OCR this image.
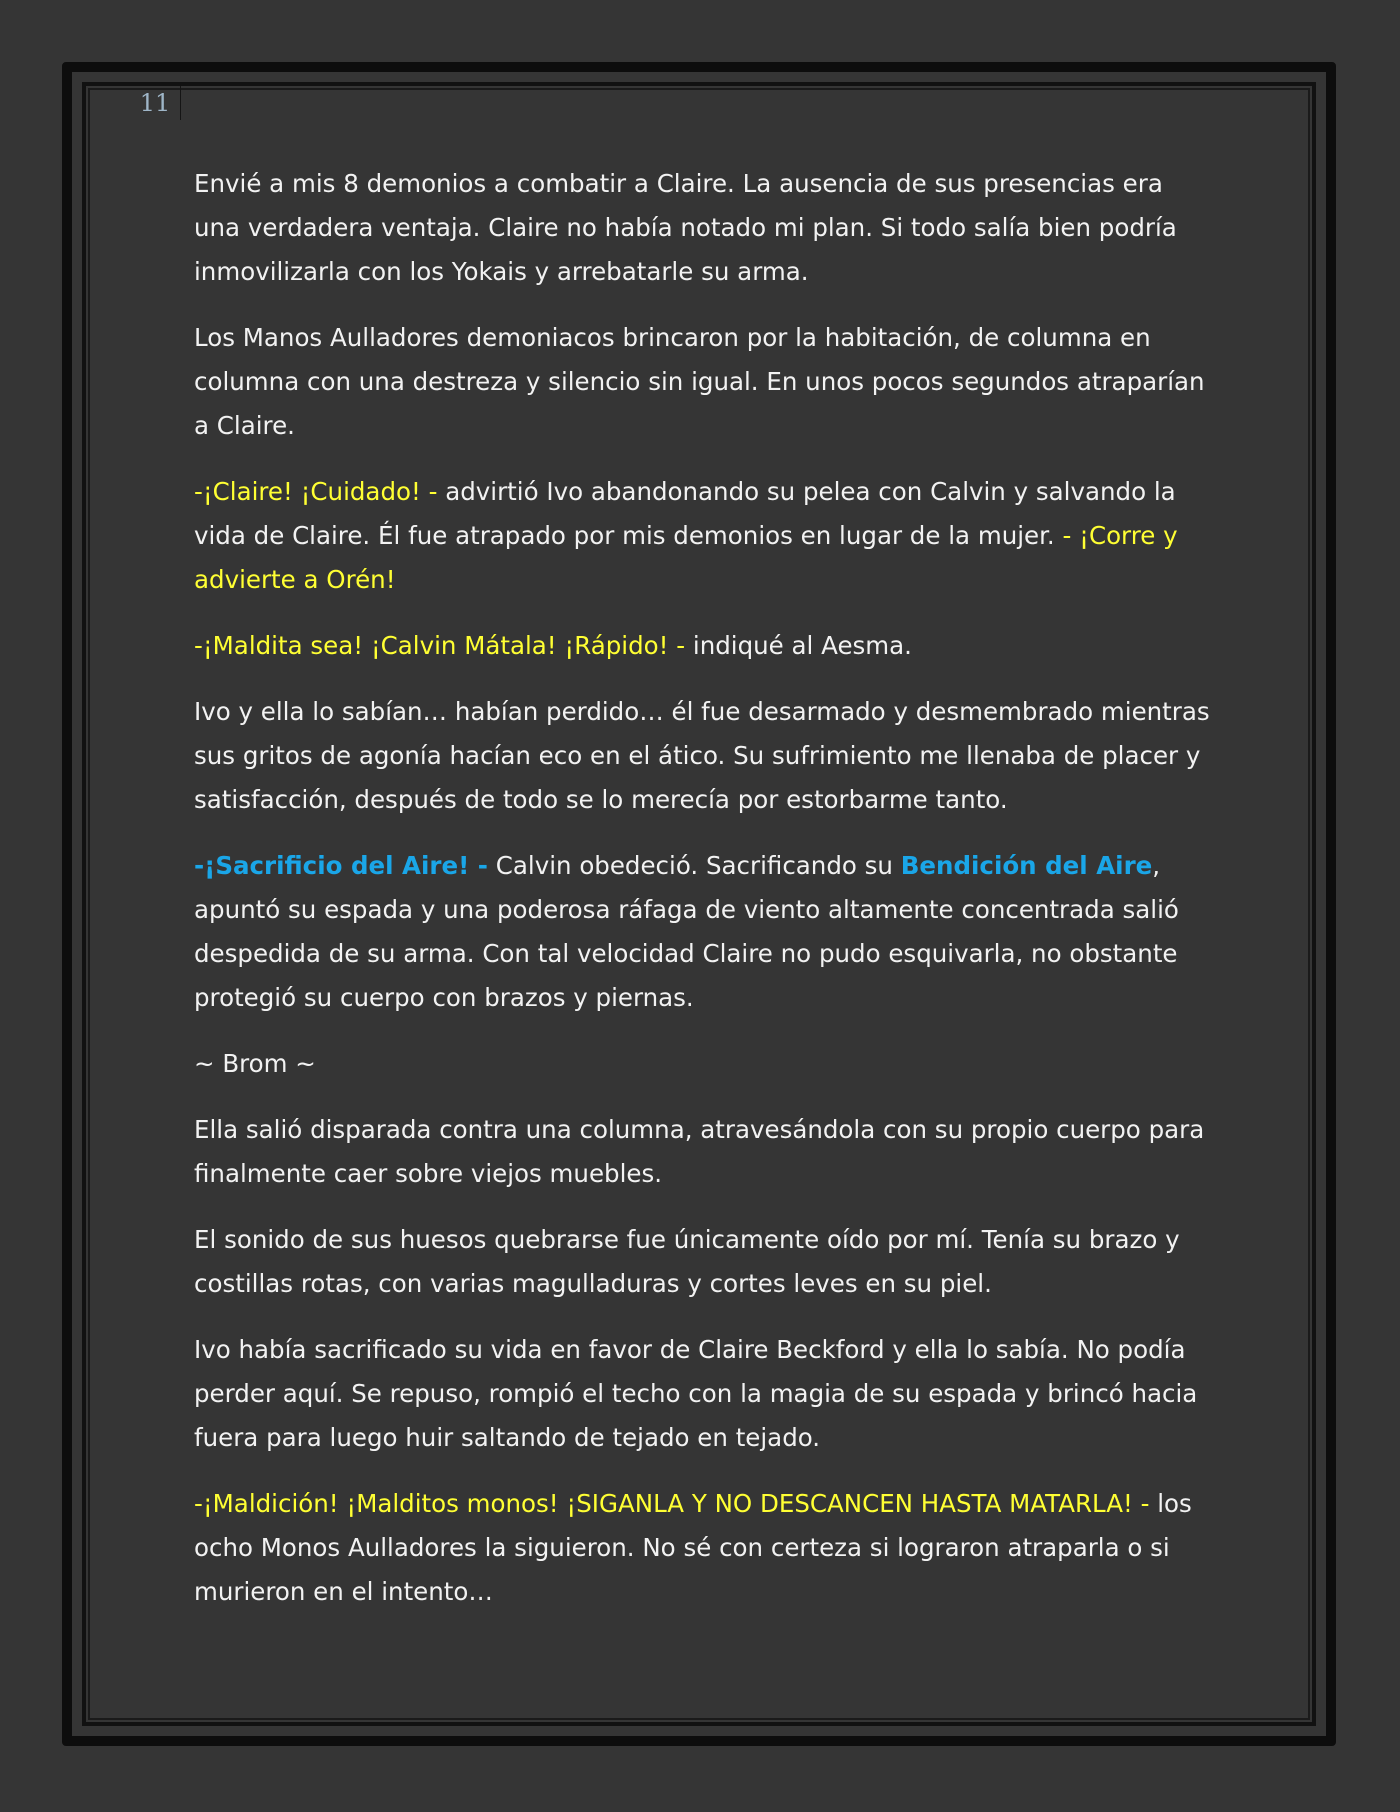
11

Envié a mis 8 demonios a combatir a Claire. La ausencia de sus presencias era una verdadera ventaja. Claire no había notado mi plan. Si todo salía bien podría inmovilizarla con los Yokais y arrebatarle su arma.

Los Manos Aulladores demoniacos brincaron por la habitación, de columna en columna con una destreza y silencio sin igual. En unos pocos segundos atraparían a Claire.

-¡Claire! ¡Cuidado! - advirtió Ivo abandonando su pelea con Calvin y salvando la vida de Claire. Él fue atrapado por mis demonios en lugar de la mujer. - ¡Corre y advierte a Orén!

-¡Maldita sea! ¡Calvin Mátala! ¡Rápido! - indiqué al Aesma.

Ivo y ella lo sabían… habían perdido… él fue desarmado y desmembrado mientras sus gritos de agonía hacían eco en el ático. Su sufrimiento me llenaba de placer y satisfacción, después de todo se lo merecía por estorbarme tanto.

-¡Sacrificio del Aire! - Calvin obedeció. Sacrificando su Bendición del Aire, apuntó su espada y una poderosa ráfaga de viento altamente concentrada salió despedida de su arma. Con tal velocidad Claire no pudo esquivarla, no obstante protegió su cuerpo con brazos y piernas.

~ Brom ~

Ella salió disparada contra una columna, atravesándola con su propio cuerpo para finalmente caer sobre viejos muebles.

El sonido de sus huesos quebrarse fue únicamente oído por mí. Tenía su brazo y costillas rotas, con varias magulladuras y cortes leves en su piel.

Ivo había sacrificado su vida en favor de Claire Beckford y ella lo sabía. No podía perder aquí. Se repuso, rompió el techo con la magia de su espada y brincó hacia fuera para luego huir saltando de tejado en tejado.

-¡Maldición! ¡Malditos monos! ¡SIGANLA Y NO DESCANCEN HASTA MATARLA! - los ocho Monos Aulladores la siguieron. No sé con certeza si lograron atraparla o si murieron en el intento…
